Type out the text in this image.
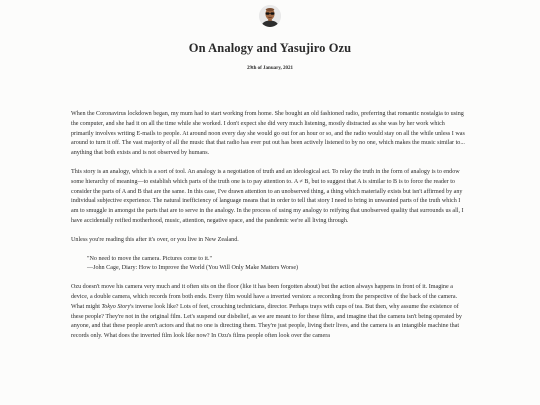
On Analogy and Yasujiro Ozu
29th of January, 2021

When the Coronavirus lockdown began, my mum had to start working from home. She bought an old fashioned radio, preferring that romantic nostalgia to using the computer, and she had it on all the time while she worked. I don't expect she did very much listening, mostly distracted as she was by her work which primarily involves writing E-mails to people. At around noon every day she would go out for an hour or so, and the radio would stay on all the while unless I was around to turn it off. The vast majority of all the music that that radio has ever put out has been actively listened to by no one, which makes the music similar to... anything that both exists and is not observed by humans.

This story is an analogy, which is a sort of tool. An analogy is a negotiation of truth and an ideological act. To relay the truth in the form of analogy is to endow some hierarchy of meaning—to establish which parts of the truth one is to pay attention to. A ≠ B, but to suggest that A is similar to B is to force the reader to consider the parts of A and B that are the same. In this case, I've drawn attention to an unobserved thing, a thing which materially exists but isn't affirmed by any individual subjective experience. The natural inefficiency of language means that in order to tell that story I need to bring in unwanted parts of the truth which I am to smuggle in amongst the parts that are to serve in the analogy. In the process of using my analogy to reifying that unobserved quality that surrounds us all, I have accidentally reified motherhood, music, attention, negative space, and the pandemic we're all living through.

Unless you're reading this after it's over, or you live in New Zealand.

"No need to move the camera. Pictures come to it."
—John Cage, Diary: How to Improve the World (You Will Only Make Matters Worse)

Ozu doesn't move his camera very much and it often sits on the floor (like it has been forgotten about) but the action always happens in front of it. Imagine a device, a double camera, which records from both ends. Every film would have a inverted version: a recording from the perspective of the back of the camera. What might Tokyo Story's inverse look like? Lots of feet, crouching technicians, director. Perhaps trays with cups of tea. But then, why assume the existence of these people? They're not in the original film. Let's suspend our disbelief, as we are meant to for these films, and imagine that the camera isn't being operated by anyone, and that these people aren't actors and that no one is directing them. They're just people, living their lives, and the camera is an intangible machine that records only. What does the inverted film look like now? In Ozu's films people often look over the camera
